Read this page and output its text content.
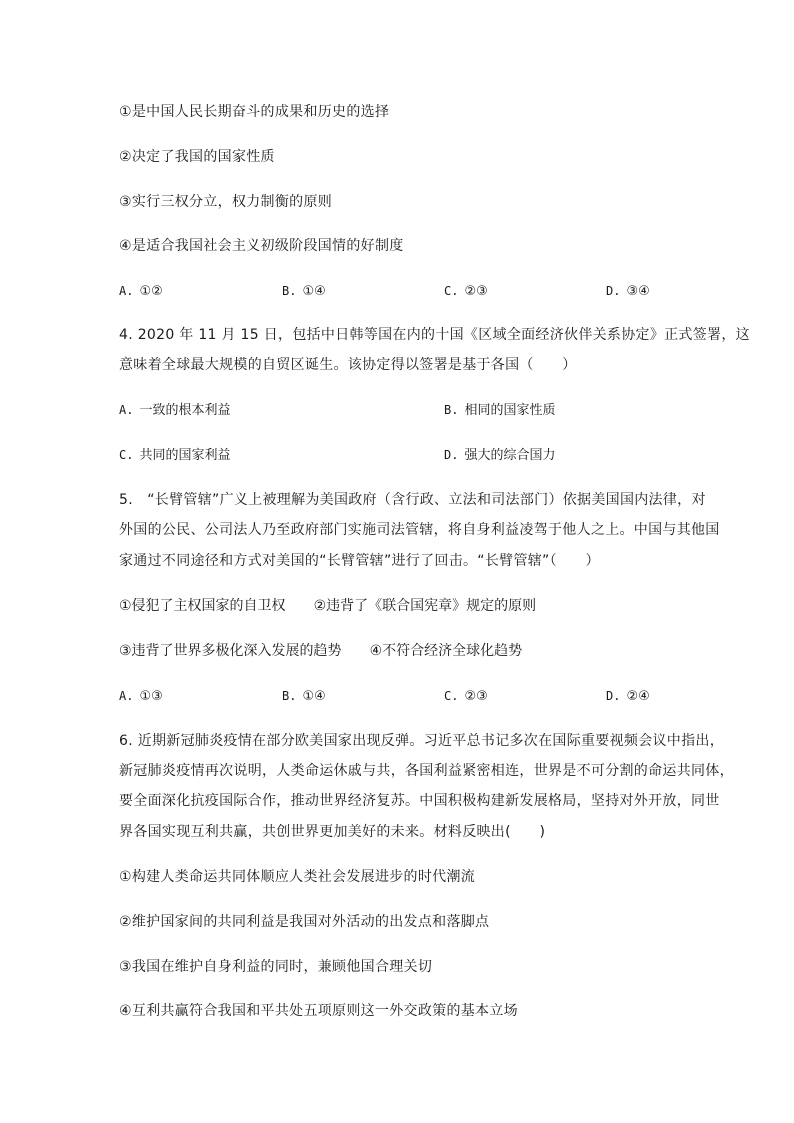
①是中国人民长期奋斗的成果和历史的选择
②决定了我国的国家性质
③实行三权分立，权力制衡的原则
④是适合我国社会主义初级阶段国情的好制度
A. ①②	B. ①④	C. ②③	D. ③④
4. 2020 年 11 月 15 日，包括中日韩等国在内的十国《区域全面经济伙伴关系协定》正式签署，这
意味着全球最大规模的自贸区诞生。该协定得以签署是基于各国（　　）
A. 一致的根本利益	B. 相同的国家性质
C. 共同的国家利益	D. 强大的综合国力
5.　“长臂管辖”广义上被理解为美国政府（含行政、立法和司法部门）依据美国国内法律，对
外国的公民、公司法人乃至政府部门实施司法管辖，将自身利益凌驾于他人之上。中国与其他国
家通过不同途径和方式对美国的“长臂管辖”进行了回击。“长臂管辖”（　　）
①侵犯了主权国家的自卫权 ②违背了《联合国宪章》规定的原则
③违背了世界多极化深入发展的趋势 ④不符合经济全球化趋势
A. ①③	B. ①④	C. ②③	D. ②④
6. 近期新冠肺炎疫情在部分欧美国家出现反弹。习近平总书记多次在国际重要视频会议中指出，
新冠肺炎疫情再次说明，人类命运休戚与共，各国利益紧密相连，世界是不可分割的命运共同体，
要全面深化抗疫国际合作，推动世界经济复苏。中国积极构建新发展格局，坚持对外开放，同世
界各国实现互利共赢，共创世界更加美好的未来。材料反映出(　　)
①构建人类命运共同体顺应人类社会发展进步的时代潮流
②维护国家间的共同利益是我国对外活动的出发点和落脚点
③我国在维护自身利益的同时，兼顾他国合理关切
④互利共赢符合我国和平共处五项原则这一外交政策的基本立场
